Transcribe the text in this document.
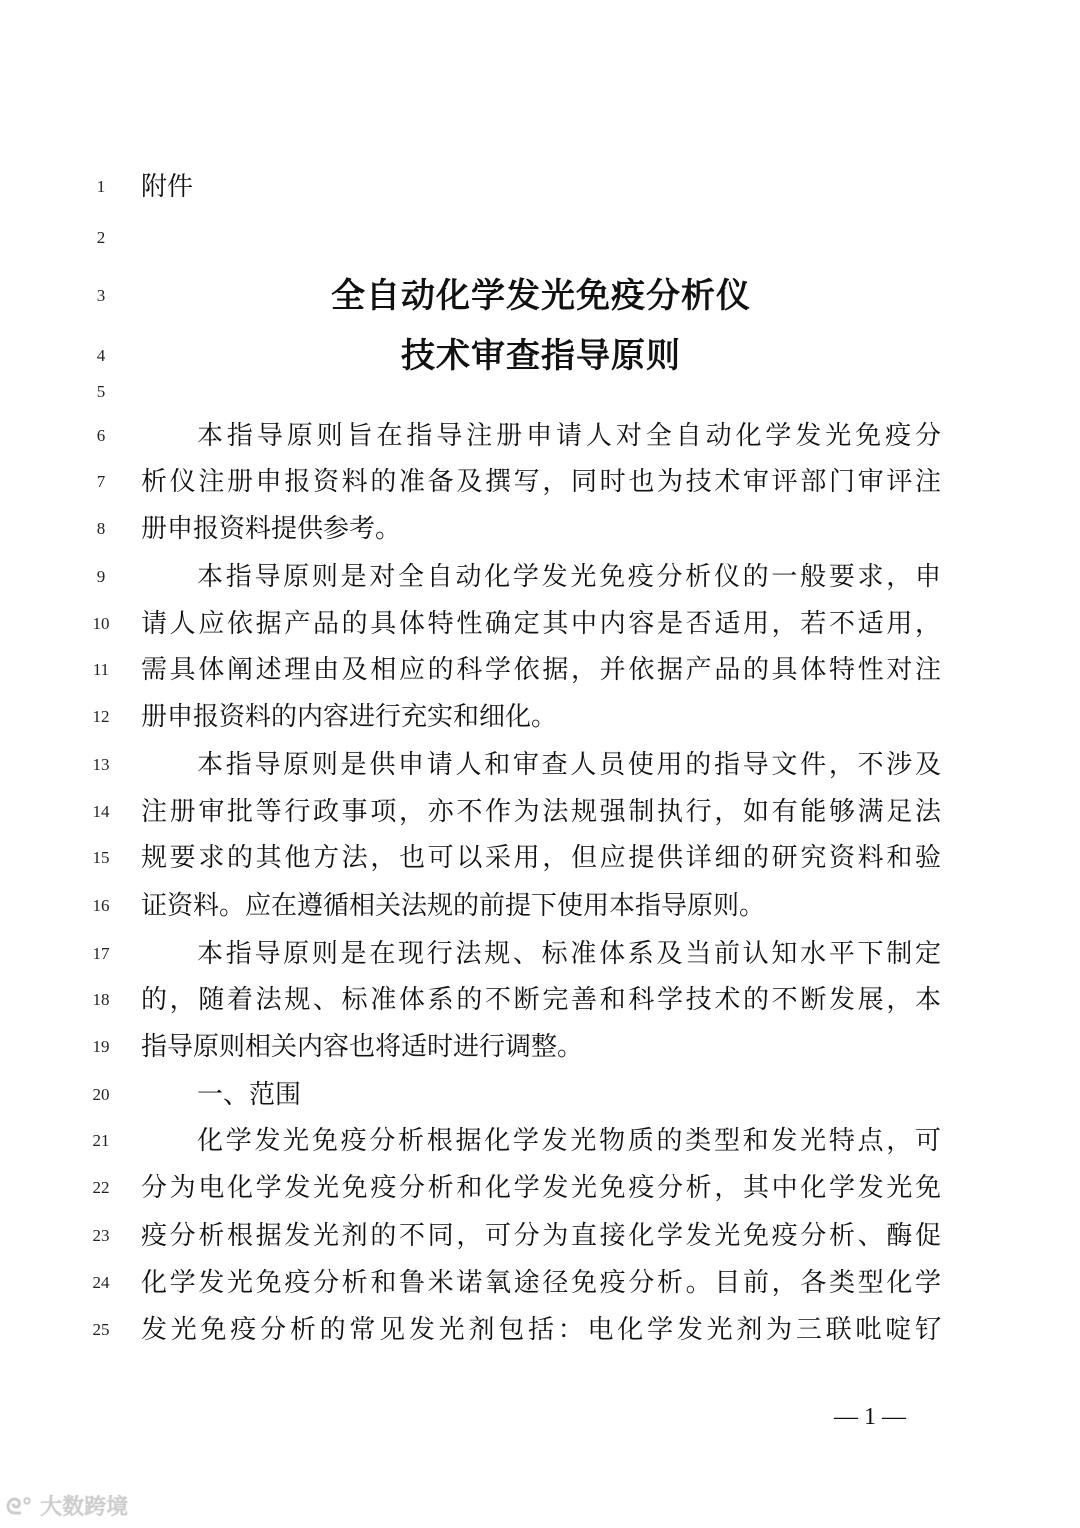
1	附件
2
3	全自动化学发光免疫分析仪
4	技术审查指导原则
5
6	本指导原则旨在指导注册申请人对全自动化学发光免疫分
7	析仪注册申报资料的准备及撰写，同时也为技术审评部门审评注
8	册申报资料提供参考。
9	本指导原则是对全自动化学发光免疫分析仪的一般要求，申
10	请人应依据产品的具体特性确定其中内容是否适用，若不适用，
11	需具体阐述理由及相应的科学依据，并依据产品的具体特性对注
12	册申报资料的内容进行充实和细化。
13	本指导原则是供申请人和审查人员使用的指导文件，不涉及
14	注册审批等行政事项，亦不作为法规强制执行，如有能够满足法
15	规要求的其他方法，也可以采用，但应提供详细的研究资料和验
16	证资料。应在遵循相关法规的前提下使用本指导原则。
17	本指导原则是在现行法规、标准体系及当前认知水平下制定
18	的，随着法规、标准体系的不断完善和科学技术的不断发展，本
19	指导原则相关内容也将适时进行调整。
20	一、范围
21	化学发光免疫分析根据化学发光物质的类型和发光特点，可
22	分为电化学发光免疫分析和化学发光免疫分析，其中化学发光免
23	疫分析根据发光剂的不同，可分为直接化学发光免疫分析、酶促
24	化学发光免疫分析和鲁米诺氧途径免疫分析。目前，各类型化学
25	发光免疫分析的常见发光剂包括：电化学发光剂为三联吡啶钌
— 1 —
ᘓ° 大数跨境
